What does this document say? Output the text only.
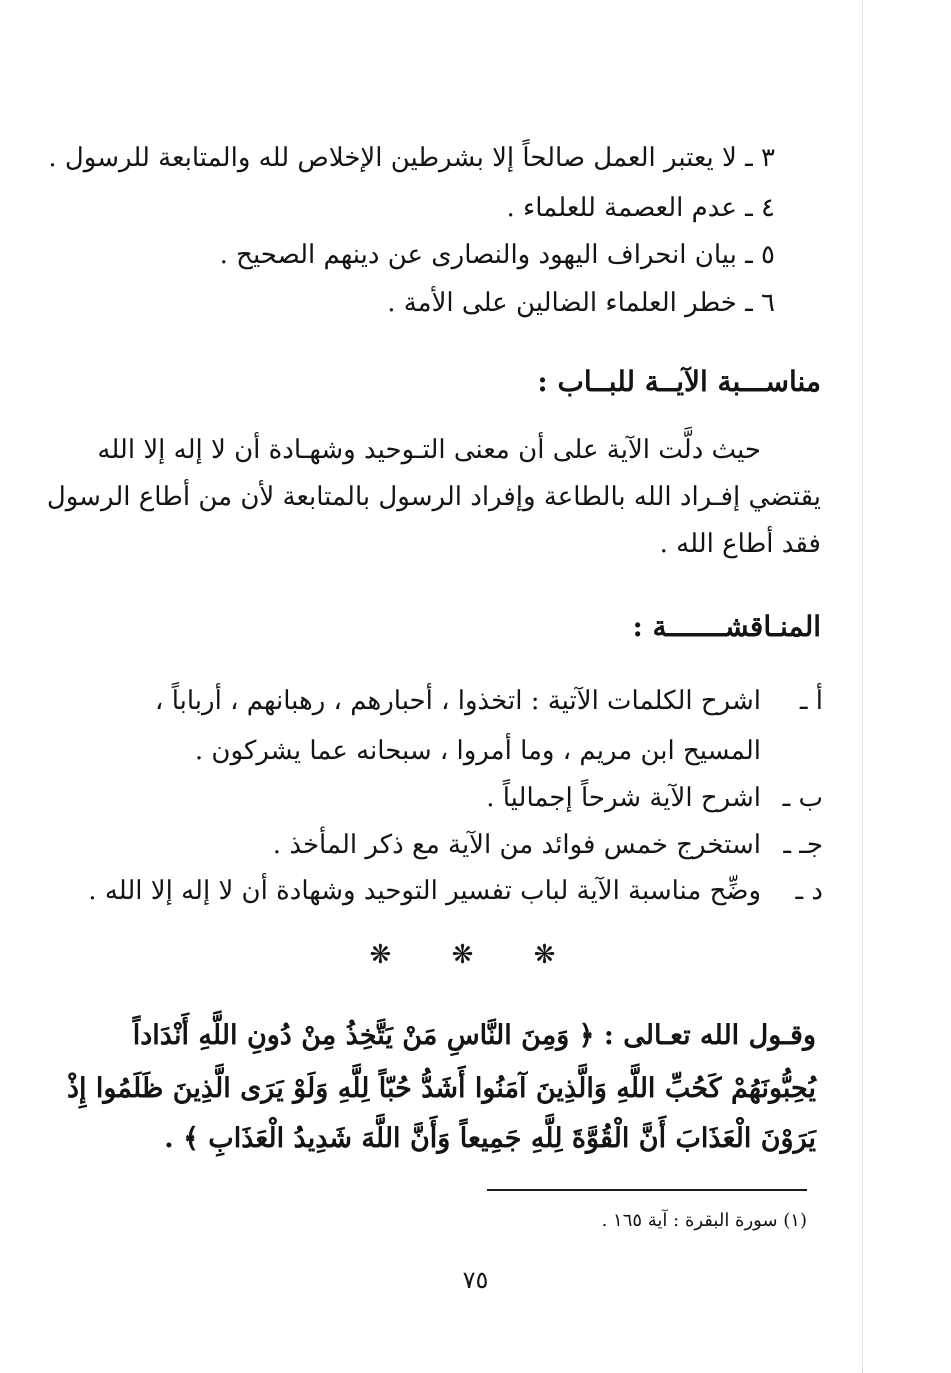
٣ ـ لا يعتبر العمل صالحاً إلا بشرطين الإخلاص لله والمتابعة للرسول .
٤ ـ عدم العصمة للعلماء .
٥ ـ بيان انحراف اليهود والنصارى عن دينهم الصحيح .
٦ ـ خطر العلماء الضالين على الأمة .
مناســـبة الآيــة للبــاب :
حيث دلَّت الآية على أن معنى التـوحيد وشهـادة أن لا إله إلا الله
يقتضي إفـراد الله بالطاعة وإفراد الرسول بالمتابعة لأن من أطاع الرسول
فقد أطاع الله .
المنـاقشـــــــة :
أ ـ
اشرح الكلمات الآتية : اتخذوا ، أحبارهم ، رهبانهم ، أرباباً ،
المسيح ابن مريم ، وما أمروا ، سبحانه عما يشركون .
ب ـ
اشرح الآية شرحاً إجمالياً .
جـ ـ
استخرج خمس فوائد من الآية مع ذكر المأخذ .
د ـ
وضِّح مناسبة الآية لباب تفسير التوحيد وشهادة أن لا إله إلا الله .
❋ ❋ ❋
وقـول الله تعـالى : ﴿ وَمِنَ النَّاسِ مَنْ يَتَّخِذُ مِنْ دُونِ اللَّهِ أَنْدَاداً
يُحِبُّونَهُمْ كَحُبِّ اللَّهِ وَالَّذِينَ آمَنُوا أَشَدُّ حُبّاً لِلَّهِ وَلَوْ يَرَى الَّذِينَ ظَلَمُوا إِذْ
يَرَوْنَ الْعَذَابَ أَنَّ الْقُوَّةَ لِلَّهِ جَمِيعاً وَأَنَّ اللَّهَ شَدِيدُ الْعَذَابِ ﴾ .
(١) سورة البقرة : آية ١٦٥ .
٧٥
